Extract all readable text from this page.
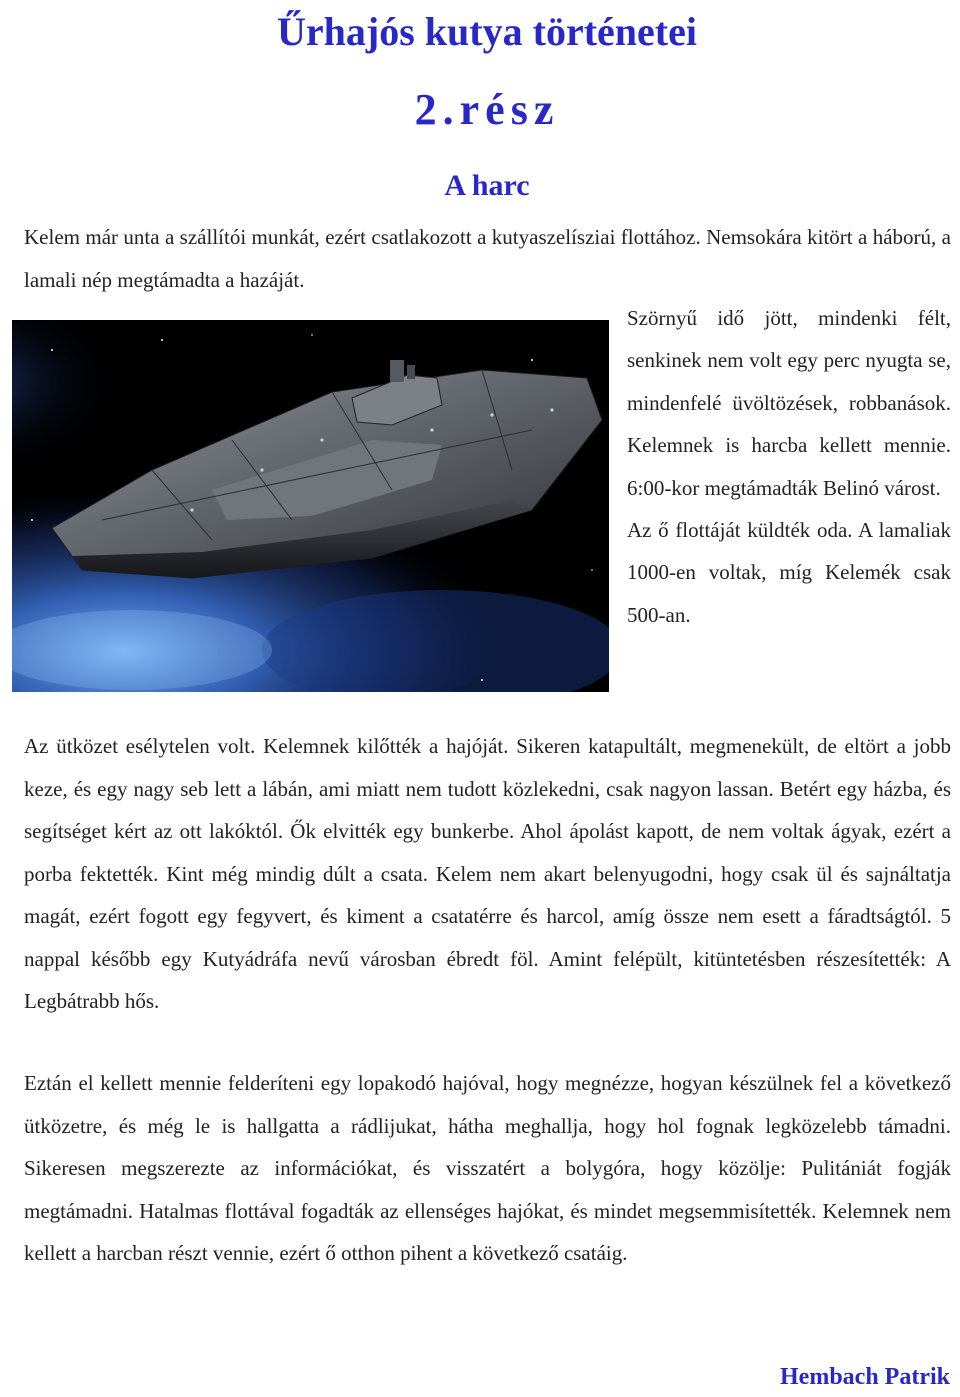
Űrhajós kutya történetei
2.rész
A harc

Kelem már unta a szállítói munkát, ezért csatlakozott a kutyaszelísziai flottához. Nemsokára kitört a háború, a lamali nép megtámadta a hazáját.

Szörnyű idő jött, mindenki félt, senkinek nem volt egy perc nyugta se, mindenfelé üvöltözések, robbanások. Kelemnek is harcba kellett mennie. 6:00-kor megtámadták Belinó várost.
Az ő flottáját küldték oda. A lamaliak 1000-en voltak, míg Kelemék csak 500-an.

Az ütközet esélytelen volt. Kelemnek kilőtték a hajóját. Sikeren katapultált, megmenekült, de eltört a jobb keze, és egy nagy seb lett a lábán, ami miatt nem tudott közlekedni, csak nagyon lassan. Betért egy házba, és segítséget kért az ott lakóktól. Ők elvitték egy bunkerbe. Ahol ápolást kapott, de nem voltak ágyak, ezért a porba fektették. Kint még mindig dúlt a csata. Kelem nem akart belenyugodni, hogy csak ül és sajnáltatja magát, ezért fogott egy fegyvert, és kiment a csatatérre és harcol, amíg össze nem esett a fáradtságtól. 5 nappal később egy Kutyádráfa nevű városban ébredt föl. Amint felépült, kitüntetésben részesítették: A Legbátrabb hős.

Eztán el kellett mennie felderíteni egy lopakodó hajóval, hogy megnézze, hogyan készülnek fel a következő ütközetre, és még le is hallgatta a rádlijukat, hátha meghallja, hogy hol fognak legközelebb támadni. Sikeresen megszerezte az információkat, és visszatért a bolygóra, hogy közölje: Pulitániát fogják megtámadni. Hatalmas flottával fogadták az ellenséges hajókat, és mindet megsemmisítették. Kelemnek nem kellett a harcban részt vennie, ezért ő otthon pihent a következő csatáig.

Hembach Patrik
